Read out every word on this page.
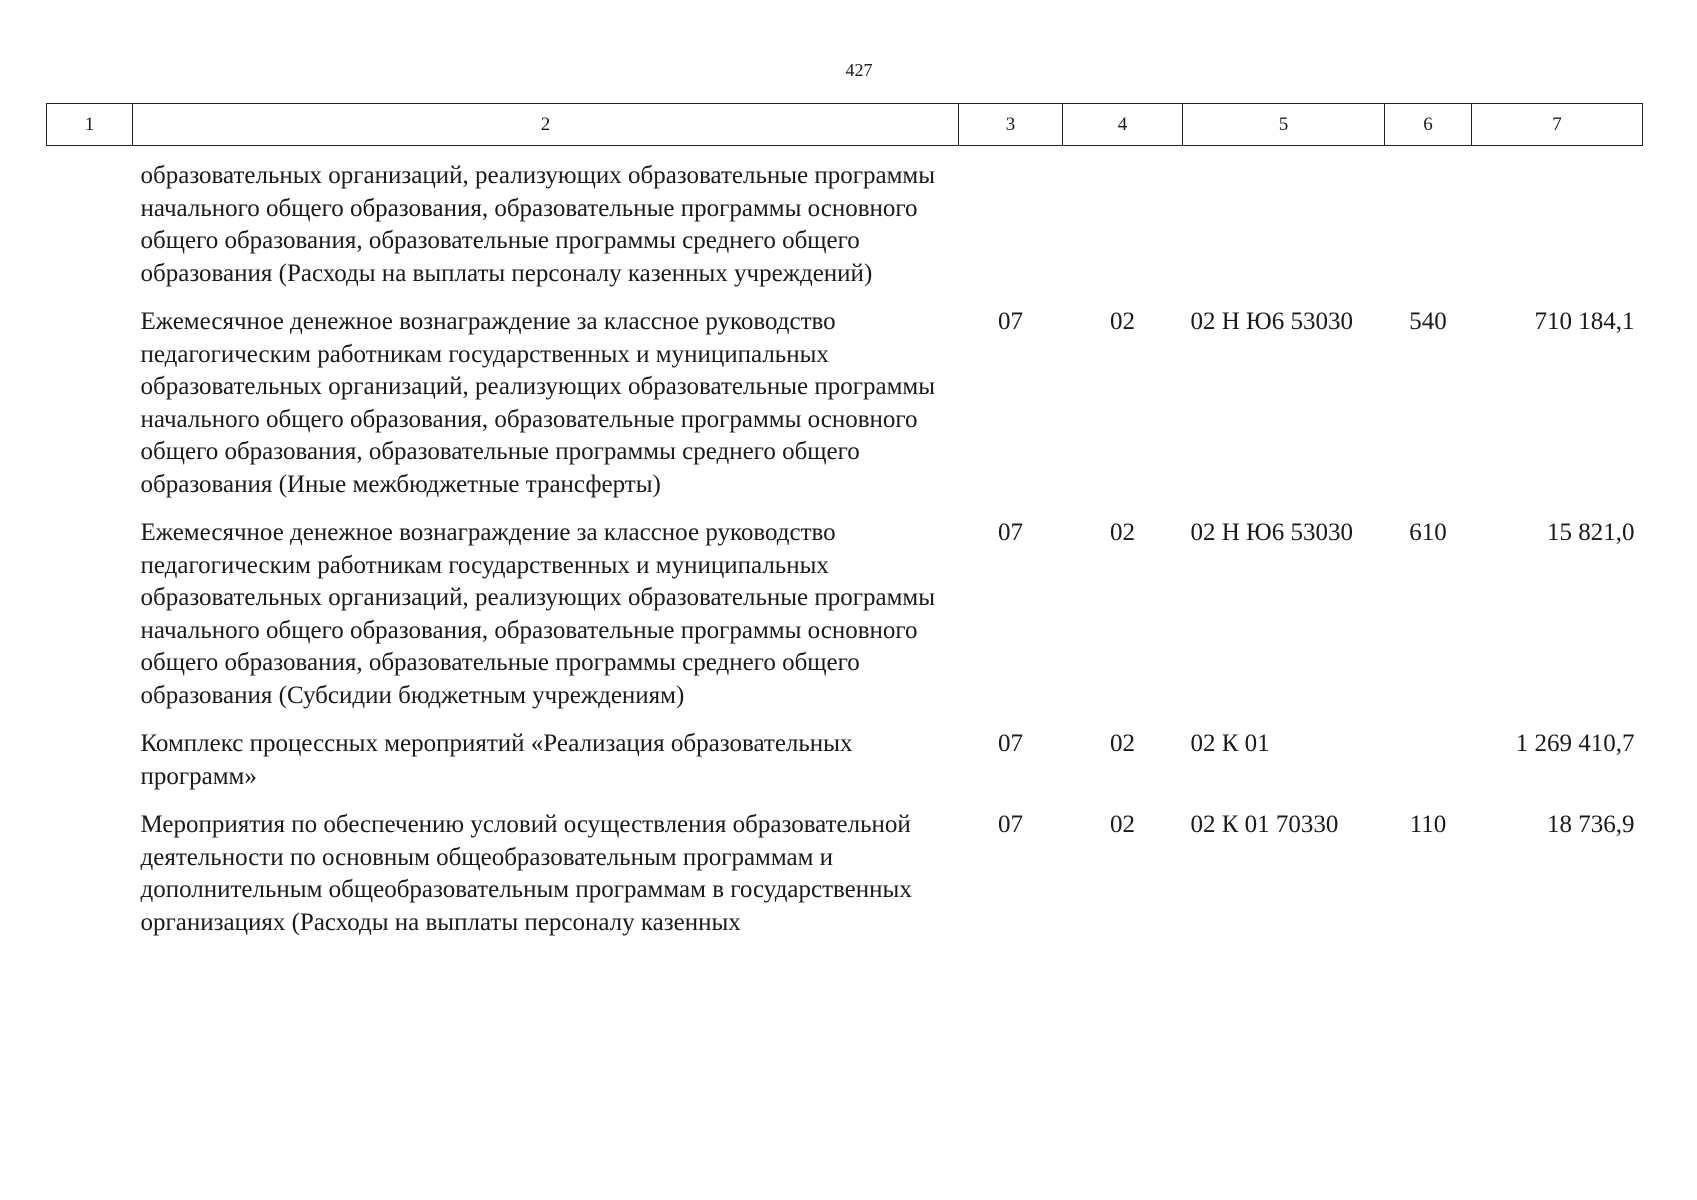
427
1	2	3	4	5	6	7
	образовательных организаций, реализующих образовательные программы начального общего образования, образовательные программы основного общего образования, образовательные программы среднего общего образования (Расходы на выплаты персоналу казенных учреждений)					
	Ежемесячное денежное вознаграждение за классное руководство педагогическим работникам государственных и муниципальных образовательных организаций, реализующих образовательные программы начального общего образования, образовательные программы основного общего образования, образовательные программы среднего общего образования (Иные межбюджетные трансферты)	07	02	02 Н Ю6 53030	540	710 184,1
	Ежемесячное денежное вознаграждение за классное руководство педагогическим работникам государственных и муниципальных образовательных организаций, реализующих образовательные программы начального общего образования, образовательные программы основного общего образования, образовательные программы среднего общего образования (Субсидии бюджетным учреждениям)	07	02	02 Н Ю6 53030	610	15 821,0
	Комплекс процессных мероприятий «Реализация образовательных программ»	07	02	02 К 01		1 269 410,7
	Мероприятия по обеспечению условий осуществления образовательной деятельности по основным общеобразовательным программам и дополнительным общеобразовательным программам в государственных организациях (Расходы на выплаты персоналу казенных	07	02	02 К 01 70330	110	18 736,9
